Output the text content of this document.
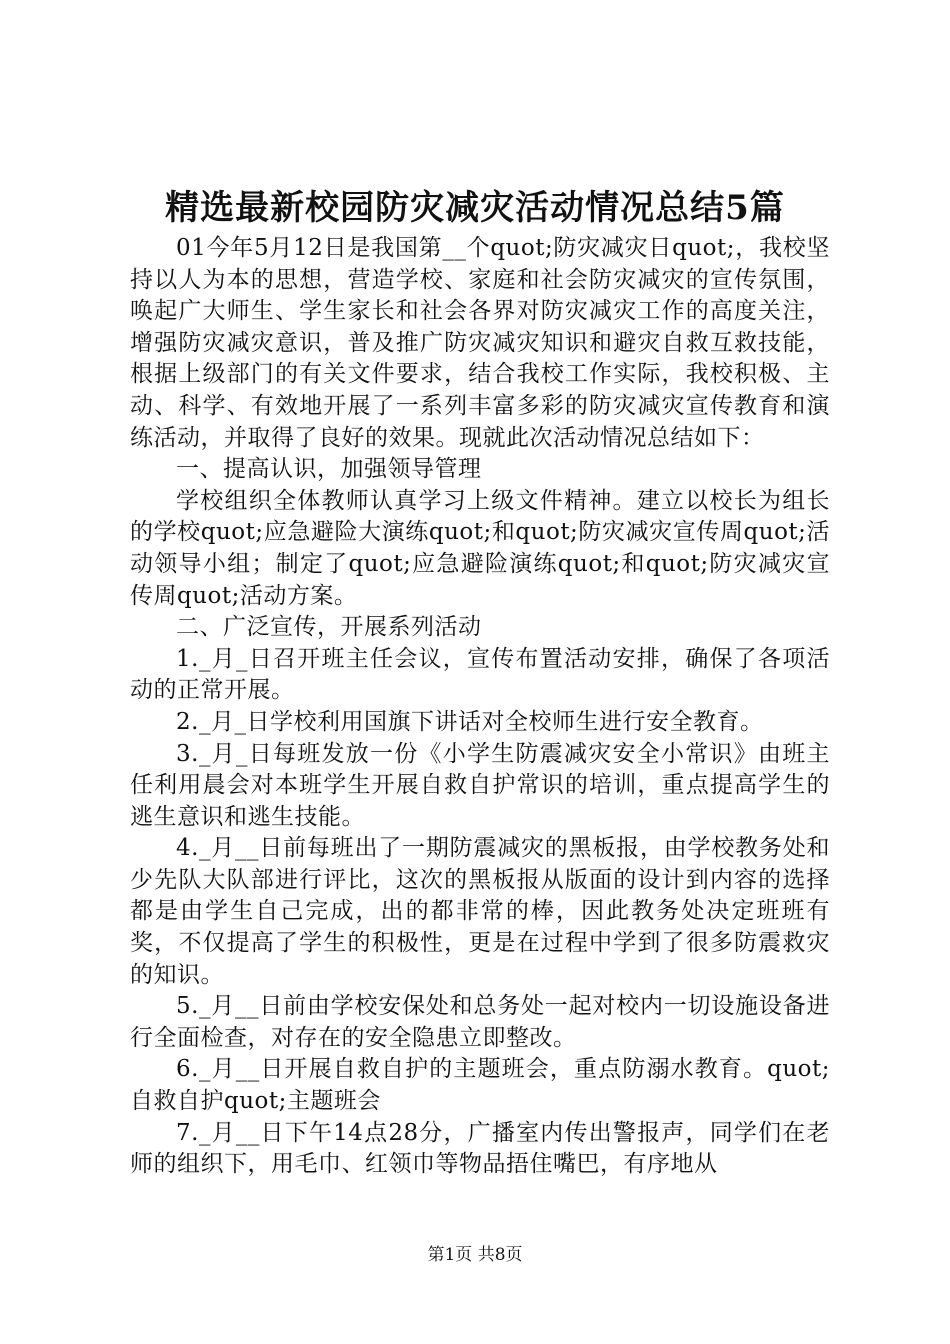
精选最新校园防灾减灾活动情况总结5篇

01今年5月12日是我国第__个quot;防灾减灾日quot;，我校坚持以人为本的思想，营造学校、家庭和社会防灾减灾的宣传氛围，唤起广大师生、学生家长和社会各界对防灾减灾工作的高度关注，增强防灾减灾意识，普及推广防灾减灾知识和避灾自救互救技能，根据上级部门的有关文件要求，结合我校工作实际，我校积极、主动、科学、有效地开展了一系列丰富多彩的防灾减灾宣传教育和演练活动，并取得了良好的效果。现就此次活动情况总结如下：

一、提高认识，加强领导管理

学校组织全体教师认真学习上级文件精神。建立以校长为组长的学校quot;应急避险大演练quot;和quot;防灾减灾宣传周quot;活动领导小组；制定了quot;应急避险演练quot;和quot;防灾减灾宣传周quot;活动方案。

二、广泛宣传，开展系列活动

1._月_日召开班主任会议，宣传布置活动安排，确保了各项活动的正常开展。

2._月_日学校利用国旗下讲话对全校师生进行安全教育。

3._月_日每班发放一份《小学生防震减灾安全小常识》由班主任利用晨会对本班学生开展自救自护常识的培训，重点提高学生的逃生意识和逃生技能。

4._月__日前每班出了一期防震减灾的黑板报，由学校教务处和少先队大队部进行评比，这次的黑板报从版面的设计到内容的选择都是由学生自己完成，出的都非常的棒，因此教务处决定班班有奖，不仅提高了学生的积极性，更是在过程中学到了很多防震救灾的知识。

5._月__日前由学校安保处和总务处一起对校内一切设施设备进行全面检查，对存在的安全隐患立即整改。

6._月__日开展自救自护的主题班会，重点防溺水教育。quot;自救自护quot;主题班会

7._月__日下午14点28分，广播室内传出警报声，同学们在老师的组织下，用毛巾、红领巾等物品捂住嘴巴，有序地从

第1页 共8页
